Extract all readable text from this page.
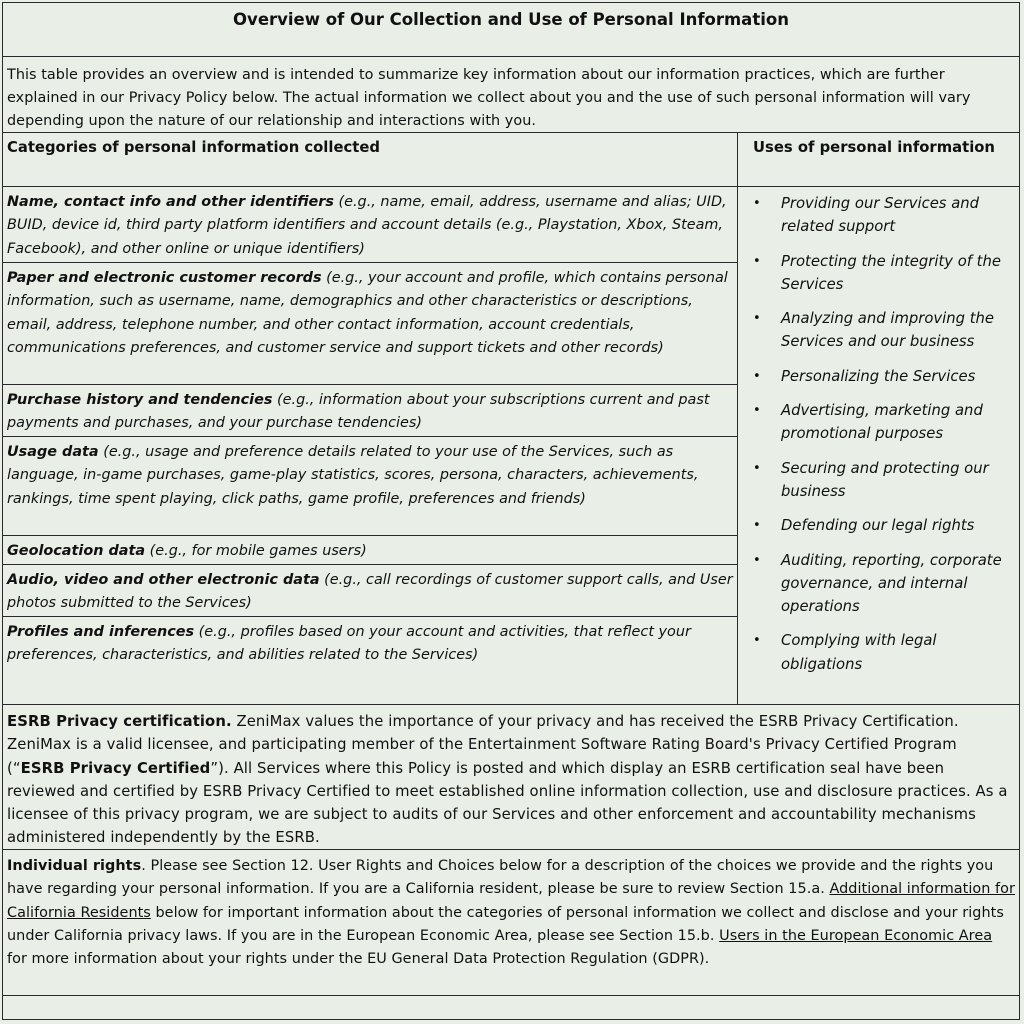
Overview of Our Collection and Use of Personal Information
This table provides an overview and is intended to summarize key information about our information practices, which are further explained in our Privacy Policy below. The actual information we collect about you and the use of such personal information will vary depending upon the nature of our relationship and interactions with you.
Categories of personal information collected
Name, contact info and other identifiers (e.g., name, email, address, username and alias; UID, BUID, device id, third party platform identifiers and account details (e.g., Playstation, Xbox, Steam, Facebook), and other online or unique identifiers)
Paper and electronic customer records (e.g., your account and profile, which contains personal information, such as username, name, demographics and other characteristics or descriptions, email, address, telephone number, and other contact information, account credentials, communications preferences, and customer service and support tickets and other records)
Purchase history and tendencies (e.g., information about your subscriptions current and past payments and purchases, and your purchase tendencies)
Usage data (e.g., usage and preference details related to your use of the Services, such as language, in-game purchases, game-play statistics, scores, persona, characters, achievements, rankings, time spent playing, click paths, game profile, preferences and friends)
Geolocation data (e.g., for mobile games users)
Audio, video and other electronic data (e.g., call recordings of customer support calls, and User photos submitted to the Services)
Profiles and inferences (e.g., profiles based on your account and activities, that reflect your preferences, characteristics, and abilities related to the Services)
Uses of personal information
• Providing our Services and related support
• Protecting the integrity of the Services
• Analyzing and improving the Services and our business
• Personalizing the Services
• Advertising, marketing and promotional purposes
• Securing and protecting our business
• Defending our legal rights
• Auditing, reporting, corporate governance, and internal operations
• Complying with legal obligations
ESRB Privacy certification. ZeniMax values the importance of your privacy and has received the ESRB Privacy Certification. ZeniMax is a valid licensee, and participating member of the Entertainment Software Rating Board's Privacy Certified Program (“ESRB Privacy Certified”). All Services where this Policy is posted and which display an ESRB certification seal have been reviewed and certified by ESRB Privacy Certified to meet established online information collection, use and disclosure practices. As a licensee of this privacy program, we are subject to audits of our Services and other enforcement and accountability mechanisms administered independently by the ESRB.
Individual rights. Please see Section 12. User Rights and Choices below for a description of the choices we provide and the rights you have regarding your personal information. If you are a California resident, please be sure to review Section 15.a. Additional information for California Residents below for important information about the categories of personal information we collect and disclose and your rights under California privacy laws. If you are in the European Economic Area, please see Section 15.b. Users in the European Economic Area for more information about your rights under the EU General Data Protection Regulation (GDPR).
